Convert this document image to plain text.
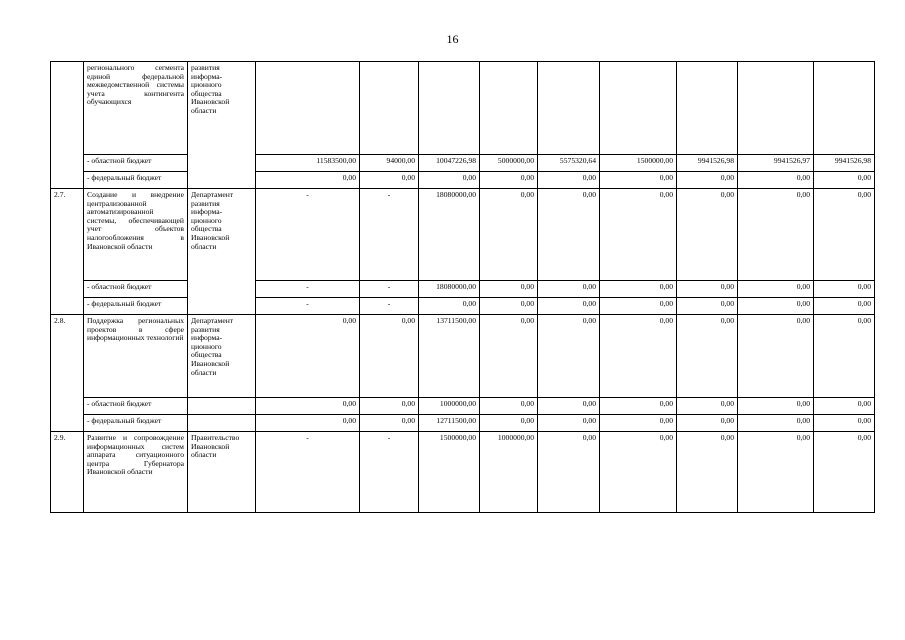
16
	регионального сегмента единой федеральной межведомственной системы учета контингента обучающихся	развития информа-ционного общества Ивановской области									
	- областной бюджет		11583500,00	94000,00	10047226,98	5000000,00	5575320,64	1500000,00	9941526,98	9941526,97	9941526,98
	- федеральный бюджет		0,00	0,00	0,00	0,00	0,00	0,00	0,00	0,00	0,00
2.7.	Создание и внедрение централизованной автоматизированной системы, обеспечивающей учет объектов налогообложения в Ивановской области	Департамент развития информа-ционного общества Ивановской области	-	-	18080000,00	0,00	0,00	0,00	0,00	0,00	0,00
	- областной бюджет		-	-	18080000,00	0,00	0,00	0,00	0,00	0,00	0,00
	- федеральный бюджет		-	-	0,00	0,00	0,00	0,00	0,00	0,00	0,00
2.8.	Поддержка региональных проектов в сфере информационных технологий	Департамент развития информа-ционного общества Ивановской области	0,00	0,00	13711500,00	0,00	0,00	0,00	0,00	0,00	0,00
	- областной бюджет		0,00	0,00	1000000,00	0,00	0,00	0,00	0,00	0,00	0,00
	- федеральный бюджет		0,00	0,00	12711500,00	0,00	0,00	0,00	0,00	0,00	0,00
2.9.	Развитие и сопровождение информационных систем аппарата ситуационного центра Губернатора Ивановской области	Правительство Ивановской области	-	-	1500000,00	1000000,00	0,00	0,00	0,00	0,00	0,00
